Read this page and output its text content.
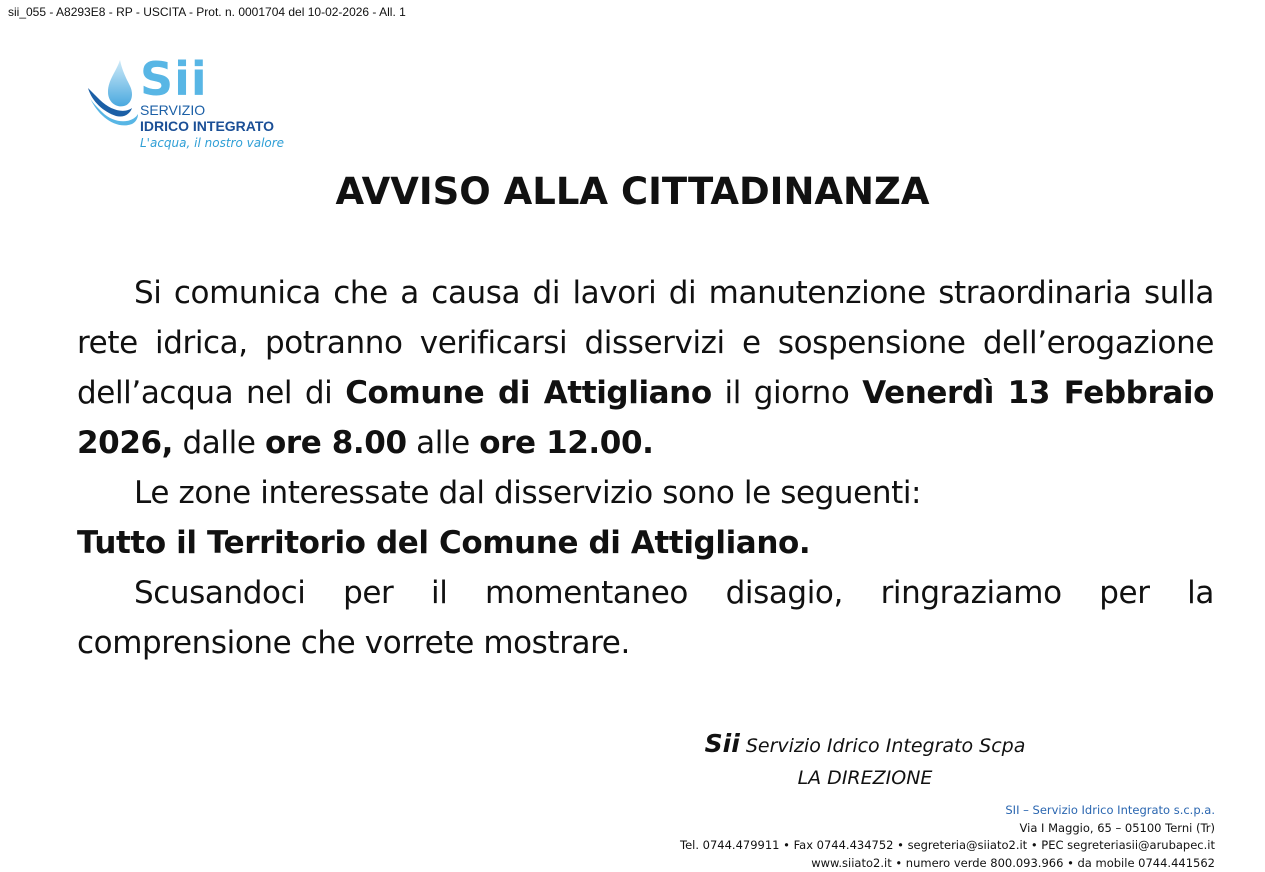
sii_055 - A8293E8 - RP - USCITA - Prot. n. 0001704 del 10-02-2026 - All. 1
Sii
SERVIZIO
IDRICO INTEGRATO
L'acqua, il nostro valore
AVVISO ALLA CITTADINANZA

Si comunica che a causa di lavori di manutenzione straordinaria sulla rete idrica, potranno verificarsi disservizi e sospensione dell’erogazione dell’acqua nel di Comune di Attigliano il giorno Venerdì 13 Febbraio 2026, dalle ore 8.00 alle ore 12.00.

Le zone interessate dal disservizio sono le seguenti:

Tutto il Territorio del Comune di Attigliano.

Scusandoci per il momentaneo disagio, ringraziamo per la comprensione che vorrete mostrare.

Sii Servizio Idrico Integrato Scpa
LA DIREZIONE
SII – Servizio Idrico Integrato s.c.p.a.
Via I Maggio, 65 – 05100 Terni (Tr)
Tel. 0744.479911 • Fax 0744.434752 • segreteria@siiato2.it • PEC segreteriasii@arubapec.it
www.siiato2.it • numero verde 800.093.966 • da mobile 0744.441562
